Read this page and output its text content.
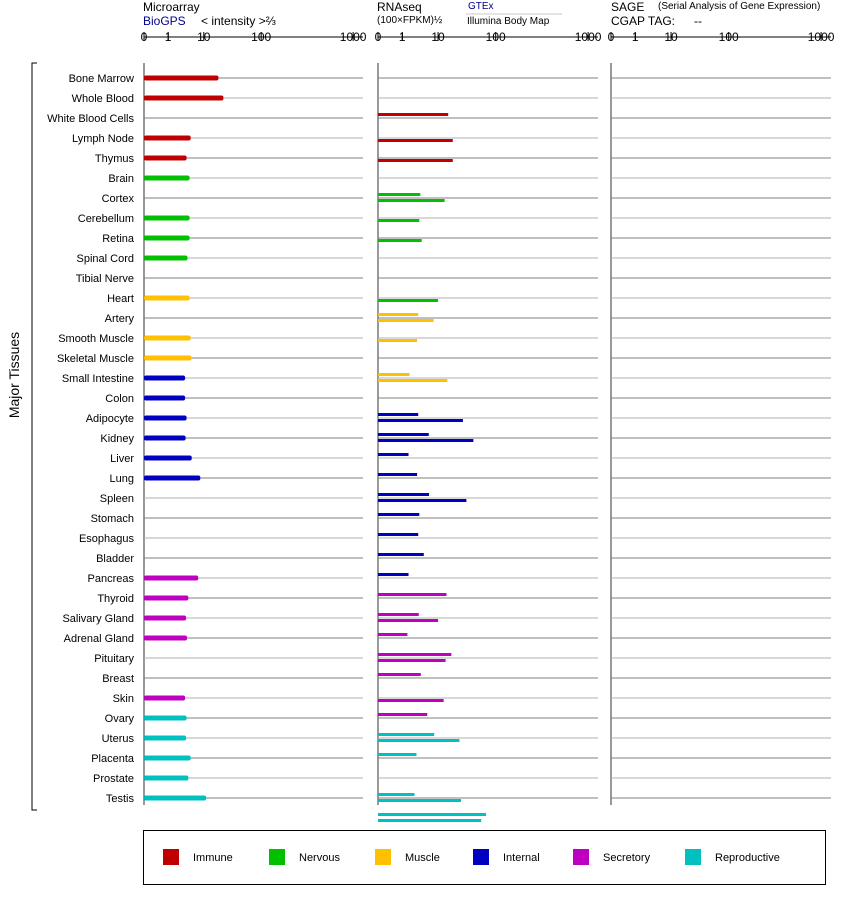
0 1 10	100	1000 0 1 10	100	1000 0 1 10	100	1000
Bone Marrow
Whole Blood
White Blood Cells
Lymph Node
Thymus
Brain
Cortex
Cerebellum
Retina
Spinal Cord
Tibial Nerve
Heart
Artery
Smooth Muscle
Skeletal Muscle
Small Intestine
Colon
Adipocyte
Kidney
Liver
Lung
Spleen
Stomach
Esophagus
Bladder
Pancreas
Thyroid
Salivary Gland
Adrenal Gland
Pituitary
Breast
Skin
Ovary
Uterus
Placenta
Prostate
Testis
Major Tissues
Microarray
BioGPS < intensity >⅔
RNAseq
(100×FPKM)½
GTEx
Illumina Body Map
SAGE (Serial Analysis of Gene Expression)
CGAP TAG: --
Immune	Nervous	Muscle	Internal	Secretory	Reproductive
